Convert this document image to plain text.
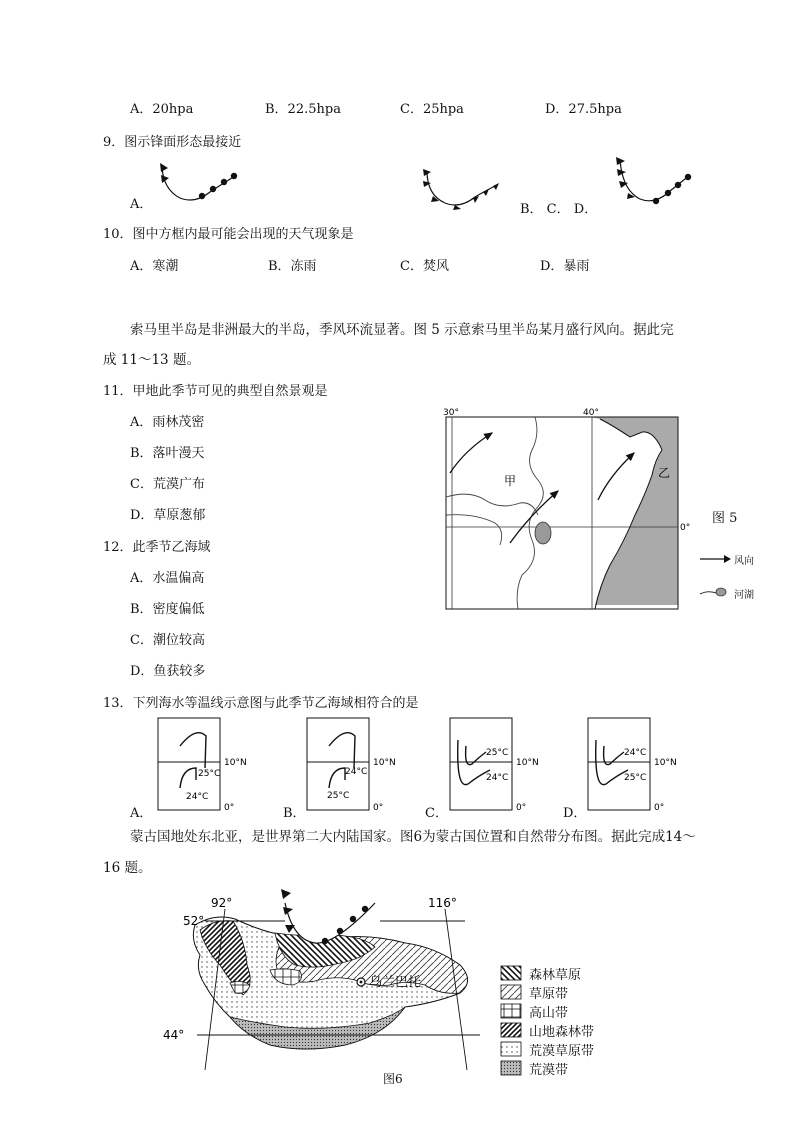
A．20hpa	B．22.5hpa	C．25hpa	D．27.5hpa
9．图示锋面形态最接近
A．	B． C． D．
10．图中方框内最可能会出现的天气现象是
A．寒潮	B．冻雨	C．焚风	D．暴雨
索马里半岛是非洲最大的半岛，季风环流显著。图 5 示意索马里半岛某月盛行风向。据此完
成 11～13 题。
11．甲地此季节可见的典型自然景观是
A．雨林茂密
B．落叶漫天
C．荒漠广布
D．草原葱郁
12．此季节乙海域
A．水温偏高
B．密度偏低
C．潮位较高
D．鱼获较多
30°	40°
0°
甲
乙
图 5
风向
河湖
13．下列海水等温线示意图与此季节乙海域相符合的是
A．	B．	C．	D．
25°C
24°C
10°N
0°
24°C
25°C
10°N
0°
25°C
24°C
10°N
0°
24°C
25°C
10°N
0°
蒙古国地处东北亚，是世界第二大内陆国家。图6为蒙古国位置和自然带分布图。据此完成14～
16 题。
92°	116°
52°
44°
乌兰巴托
图6
森林草原
草原带
高山带
山地森林带
荒漠草原带
荒漠带
